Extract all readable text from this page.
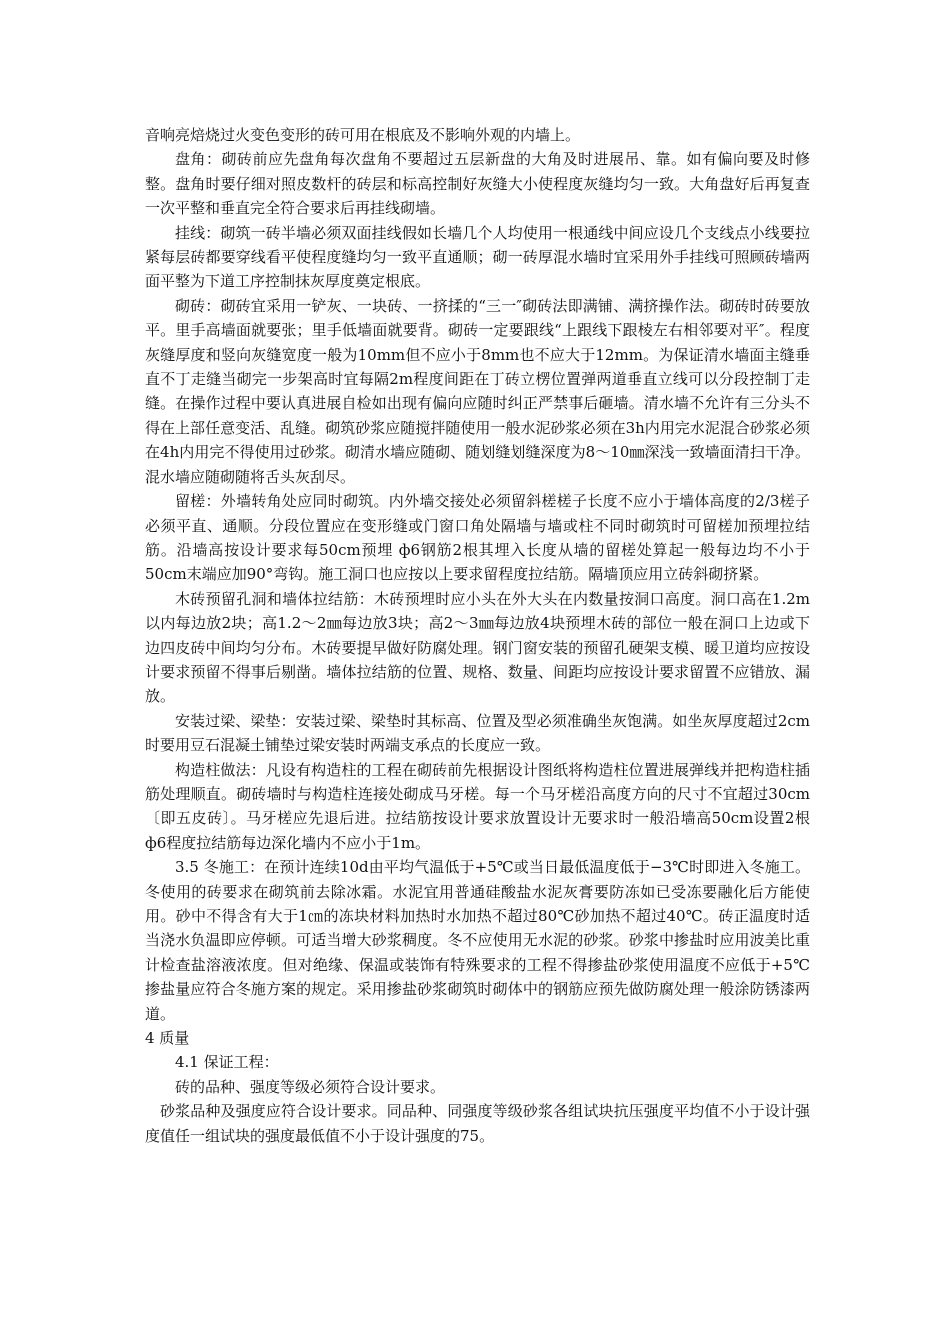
音响亮焙烧过火变色变形的砖可用在根底及不影响外观的内墙上。

盘角：砌砖前应先盘角每次盘角不要超过五层新盘的大角及时进展吊、靠。如有偏向要及时修整。盘角时要仔细对照皮数杆的砖层和标高控制好灰缝大小使程度灰缝均匀一致。大角盘好后再复查一次平整和垂直完全符合要求后再挂线砌墙。

挂线：砌筑一砖半墙必须双面挂线假如长墙几个人均使用一根通线中间应设几个支线点小线要拉紧每层砖都要穿线看平使程度缝均匀一致平直通顺；砌一砖厚混水墙时宜采用外手挂线可照顾砖墙两面平整为下道工序控制抹灰厚度奠定根底。

砌砖：砌砖宜采用一铲灰、一块砖、一挤揉的“三一″砌砖法即满铺、满挤操作法。砌砖时砖要放平。里手高墙面就要张；里手低墙面就要背。砌砖一定要跟线“上跟线下跟棱左右相邻要对平″。程度灰缝厚度和竖向灰缝宽度一般为10mm但不应小于8mm也不应大于12mm。为保证清水墙面主缝垂直不丁走缝当砌完一步架高时宜每隔2m程度间距在丁砖立楞位置弹两道垂直立线可以分段控制丁走缝。在操作过程中要认真进展自检如出现有偏向应随时纠正严禁事后砸墙。清水墙不允许有三分头不得在上部任意变活、乱缝。砌筑砂浆应随搅拌随使用一般水泥砂浆必须在3h内用完水泥混合砂浆必须在4h内用完不得使用过砂浆。砌清水墙应随砌、随划缝划缝深度为8～10㎜深浅一致墙面清扫干净。混水墙应随砌随将舌头灰刮尽。

留槎：外墙转角处应同时砌筑。内外墙交接处必须留斜槎槎子长度不应小于墙体高度的2/3槎子必须平直、通顺。分段位置应在变形缝或门窗口角处隔墙与墙或柱不同时砌筑时可留槎加预埋拉结筋。沿墙高按设计要求每50cm预埋 ф6钢筋2根其埋入长度从墙的留槎处算起一般每边均不小于50cm末端应加90°弯钩。施工洞口也应按以上要求留程度拉结筋。隔墙顶应用立砖斜砌挤紧。

木砖预留孔洞和墙体拉结筋：木砖预埋时应小头在外大头在内数量按洞口高度。洞口高在1.2m以内每边放2块；高1.2～2㎜每边放3块；高2～3㎜每边放4块预埋木砖的部位一般在洞口上边或下边四皮砖中间均匀分布。木砖要提早做好防腐处理。钢门窗安装的预留孔硬架支模、暖卫道均应按设计要求预留不得事后剔凿。墙体拉结筋的位置、规格、数量、间距均应按设计要求留置不应错放、漏放。

安装过梁、梁垫：安装过梁、梁垫时其标高、位置及型必须准确坐灰饱满。如坐灰厚度超过2cm时要用豆石混凝土铺垫过梁安装时两端支承点的长度应一致。

构造柱做法：凡设有构造柱的工程在砌砖前先根据设计图纸将构造柱位置进展弹线并把构造柱插筋处理顺直。砌砖墙时与构造柱连接处砌成马牙槎。每一个马牙槎沿高度方向的尺寸不宜超过30cm〔即五皮砖〕。马牙槎应先退后进。拉结筋按设计要求放置设计无要求时一般沿墙高50cm设置2根 ф6程度拉结筋每边深化墙内不应小于1m。

3.5 冬施工：在预计连续10d由平均气温低于+5℃或当日最低温度低于−3℃时即进入冬施工。冬使用的砖要求在砌筑前去除冰霜。水泥宜用普通硅酸盐水泥灰膏要防冻如已受冻要融化后方能使用。砂中不得含有大于1㎝的冻块材料加热时水加热不超过80℃砂加热不超过40℃。砖正温度时适当浇水负温即应停顿。可适当增大砂浆稠度。冬不应使用无水泥的砂浆。砂浆中掺盐时应用波美比重计检查盐溶液浓度。但对绝缘、保温或装饰有特殊要求的工程不得掺盐砂浆使用温度不应低于+5℃掺盐量应符合冬施方案的规定。采用掺盐砂浆砌筑时砌体中的钢筋应预先做防腐处理一般涂防锈漆两道。

4 质量

4.1 保证工程：

砖的品种、强度等级必须符合设计要求。

砂浆品种及强度应符合设计要求。同品种、同强度等级砂浆各组试块抗压强度平均值不小于设计强度值任一组试块的强度最低值不小于设计强度的75。
